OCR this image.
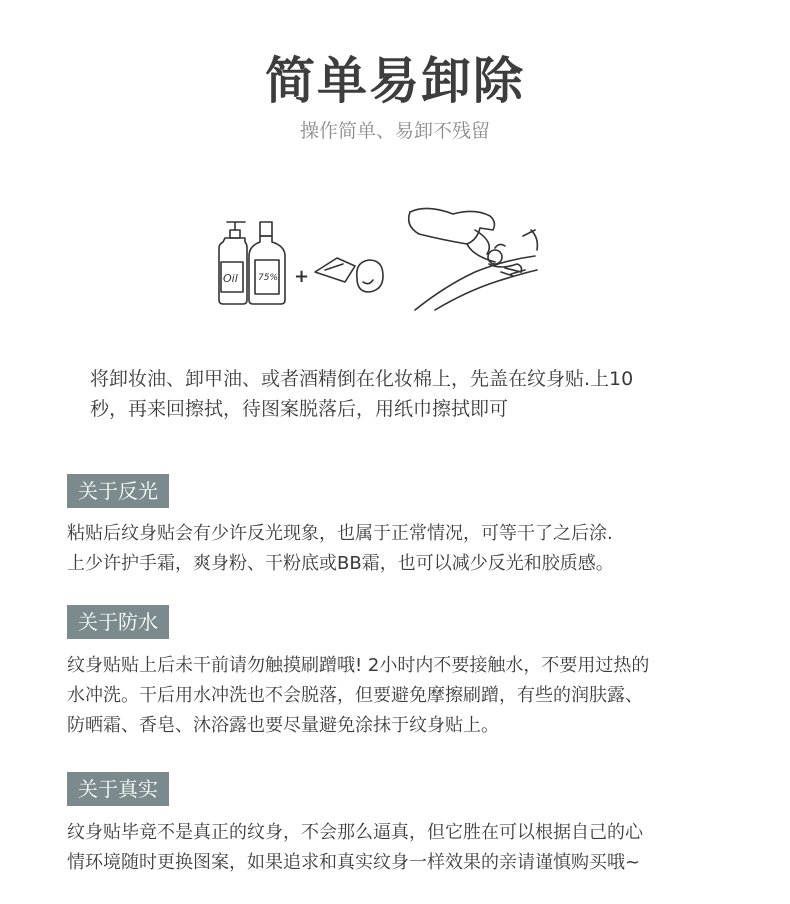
简单易卸除
操作简单、易卸不残留
Oil 75% +
将卸妆油、卸甲油、或者酒精倒在化妆棉上，先盖在纹身贴.上10
秒，再来回擦拭，待图案脱落后，用纸巾擦拭即可
关于反光
粘贴后纹身贴会有少许反光现象，也属于正常情况，可等干了之后涂.
上少许护手霜，爽身粉、干粉底或BB霜，也可以减少反光和胶质感。
关于防水
纹身贴贴上后未干前请勿触摸刷蹭哦! 2小时内不要接触水，不要用过热的
水冲洗。干后用水冲洗也不会脱落，但要避免摩擦刷蹭，有些的润肤露、
防晒霜、香皂、沐浴露也要尽量避免涂抹于纹身贴上。
关于真实
纹身贴毕竟不是真正的纹身，不会那么逼真，但它胜在可以根据自己的心
情环境随时更换图案，如果追求和真实纹身一样效果的亲请谨慎购买哦~
